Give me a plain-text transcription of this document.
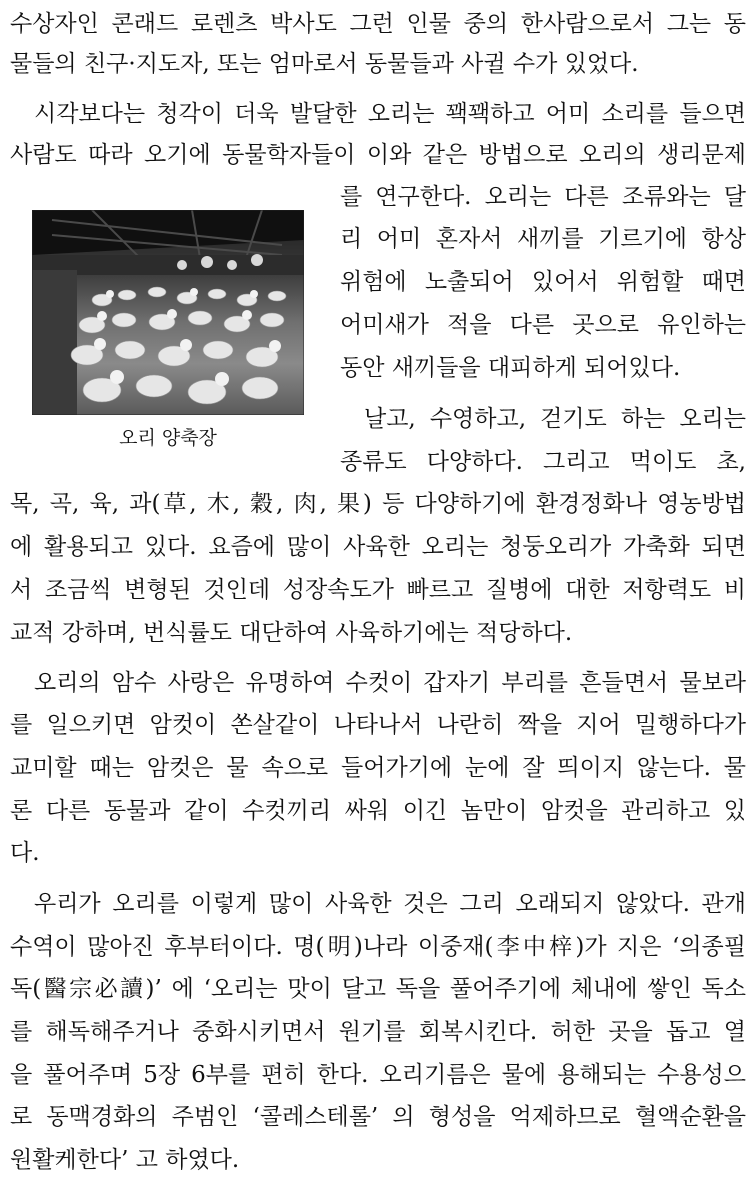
수상자인 콘래드 로렌츠 박사도 그런 인물 중의 한사람으로서 그는 동
물들의 친구·지도자, 또는 엄마로서 동물들과 사귈 수가 있었다.
시각보다는 청각이 더욱 발달한 오리는 꽥꽥하고 어미 소리를 들으면
사람도 따라 오기에 동물학자들이 이와 같은 방법으로 오리의 생리문제
를 연구한다. 오리는 다른 조류와는 달
리 어미 혼자서 새끼를 기르기에 항상
위험에 노출되어 있어서 위험할 때면
어미새가 적을 다른 곳으로 유인하는
동안 새끼들을 대피하게 되어있다.
날고, 수영하고, 걷기도 하는 오리는
종류도 다양하다. 그리고 먹이도 초,
오리 양축장
목, 곡, 육, 과(草, 木, 穀, 肉, 果) 등 다양하기에 환경정화나 영농방법
에 활용되고 있다. 요즘에 많이 사육한 오리는 청둥오리가 가축화 되면
서 조금씩 변형된 것인데 성장속도가 빠르고 질병에 대한 저항력도 비
교적 강하며, 번식률도 대단하여 사육하기에는 적당하다.
오리의 암수 사랑은 유명하여 수컷이 갑자기 부리를 흔들면서 물보라
를 일으키면 암컷이 쏜살같이 나타나서 나란히 짝을 지어 밀행하다가
교미할 때는 암컷은 물 속으로 들어가기에 눈에 잘 띄이지 않는다. 물
론 다른 동물과 같이 수컷끼리 싸워 이긴 놈만이 암컷을 관리하고 있
다.
우리가 오리를 이렇게 많이 사육한 것은 그리 오래되지 않았다. 관개
수역이 많아진 후부터이다. 명(明)나라 이중재(李中梓)가 지은 ‘의종필
독(醫宗必讀)’ 에 ‘오리는 맛이 달고 독을 풀어주기에 체내에 쌓인 독소
를 해독해주거나 중화시키면서 원기를 회복시킨다. 허한 곳을 돕고 열
을 풀어주며 5장 6부를 편히 한다. 오리기름은 물에 용해되는 수용성으
로 동맥경화의 주범인 ‘콜레스테롤’ 의 형성을 억제하므로 혈액순환을
원활케한다’ 고 하였다.
